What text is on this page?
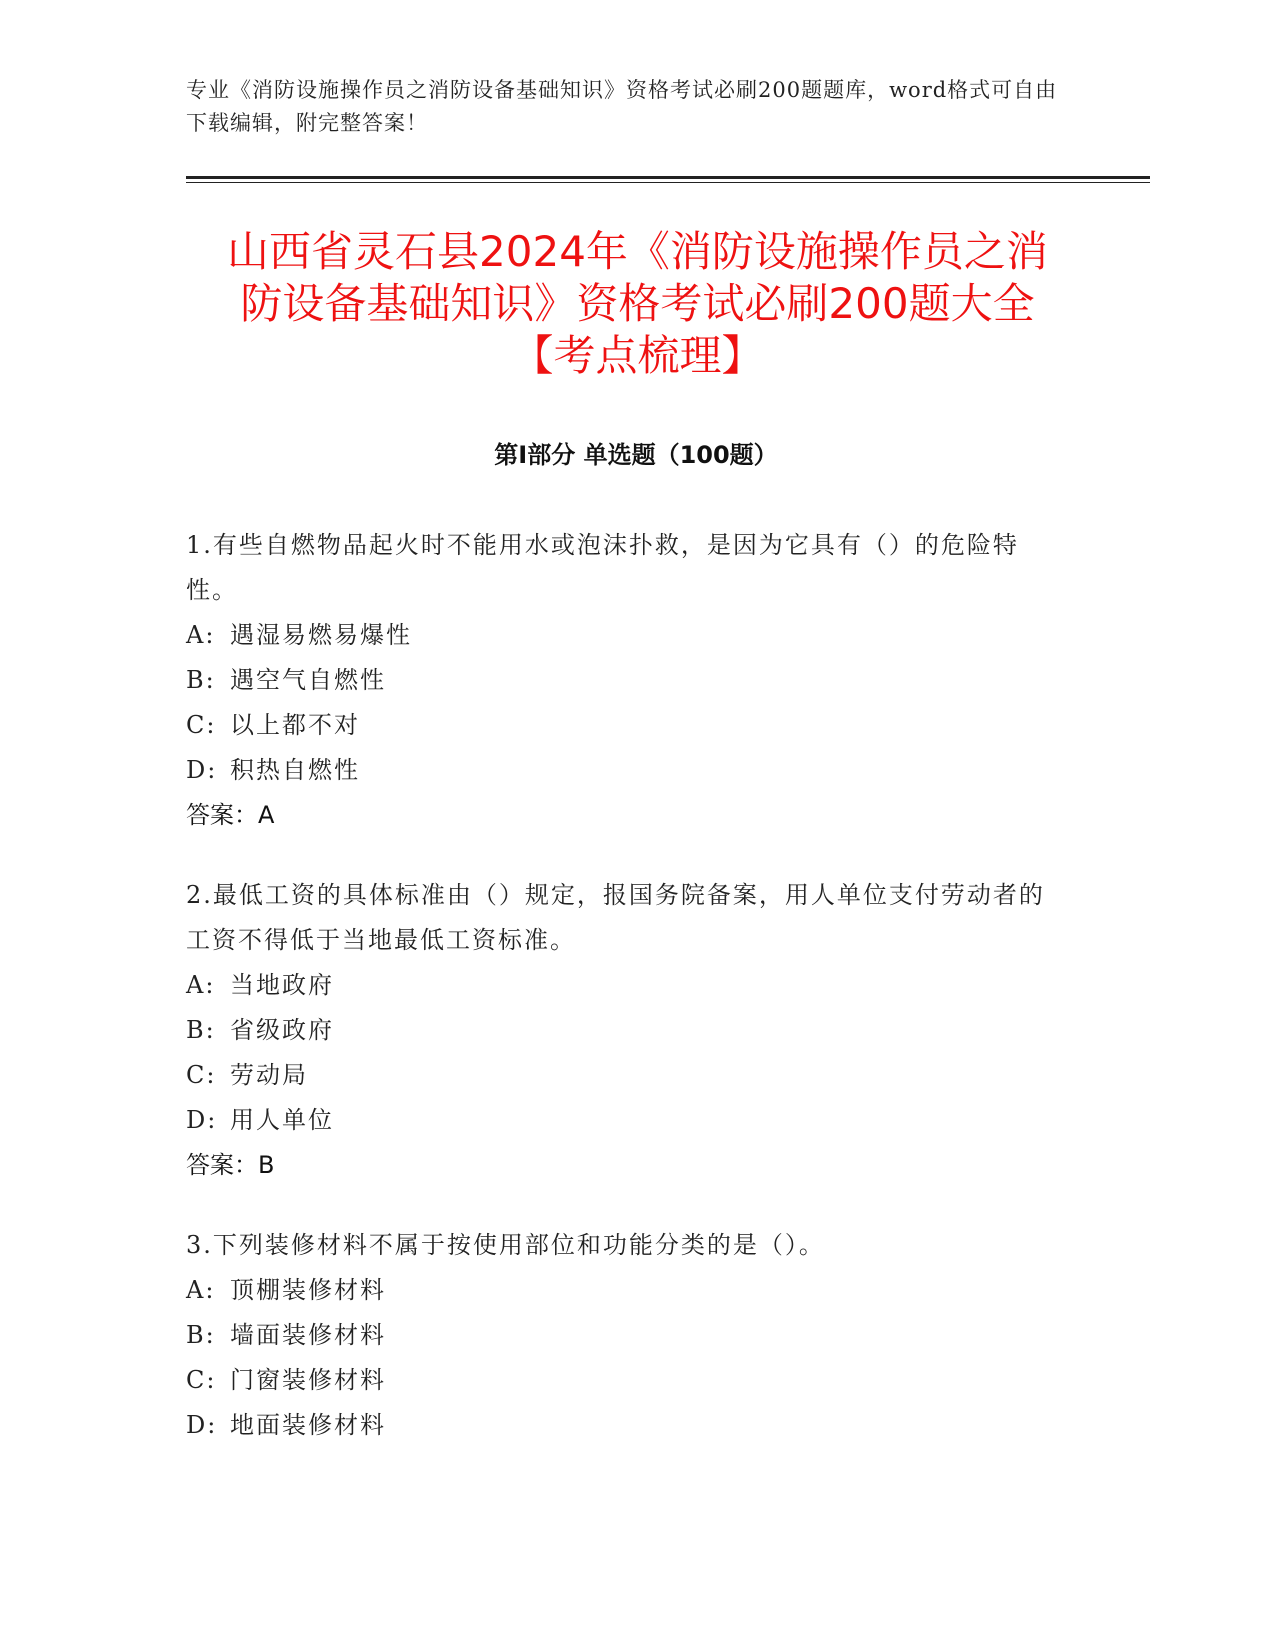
专业《消防设施操作员之消防设备基础知识》资格考试必刷200题题库，word格式可自由下载编辑，附完整答案！
山西省灵石县2024年《消防设施操作员之消
防设备基础知识》资格考试必刷200题大全
【考点梳理】
第Ⅰ部分 单选题（100题）

1.有些自燃物品起火时不能用水或泡沫扑救，是因为它具有（）的危险特性。

A: 遇湿易燃易爆性

B: 遇空气自燃性

C: 以上都不对

D: 积热自燃性

答案：A

2.最低工资的具体标准由（）规定，报国务院备案，用人单位支付劳动者的工资不得低于当地最低工资标准。

A: 当地政府

B: 省级政府

C: 劳动局

D: 用人单位

答案：B

3.下列装修材料不属于按使用部位和功能分类的是（）。

A: 顶棚装修材料

B: 墙面装修材料

C: 门窗装修材料

D: 地面装修材料
